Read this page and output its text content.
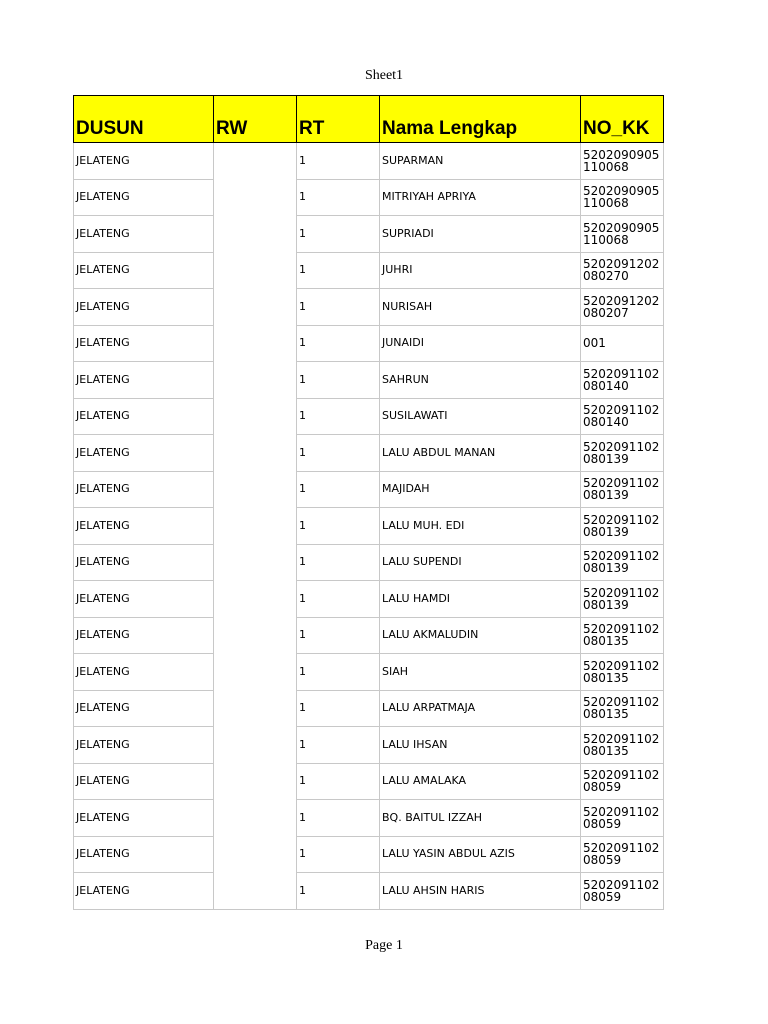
Sheet1
DUSUN	RW	RT	Nama Lengkap	NO_KK
JELATENG		1	SUPARMAN	5202090905110068
JELATENG		1	MITRIYAH APRIYA	5202090905110068
JELATENG		1	SUPRIADI	5202090905110068
JELATENG		1	JUHRI	5202091202080270
JELATENG		1	NURISAH	5202091202080207
JELATENG		1	JUNAIDI	001
JELATENG		1	SAHRUN	5202091102080140
JELATENG		1	SUSILAWATI	5202091102080140
JELATENG		1	LALU ABDUL MANAN	5202091102080139
JELATENG		1	MAJIDAH	5202091102080139
JELATENG		1	LALU MUH. EDI	5202091102080139
JELATENG		1	LALU SUPENDI	5202091102080139
JELATENG		1	LALU HAMDI	5202091102080139
JELATENG		1	LALU AKMALUDIN	5202091102080135
JELATENG		1	SIAH	5202091102080135
JELATENG		1	LALU ARPATMAJA	5202091102080135
JELATENG		1	LALU IHSAN	5202091102080135
JELATENG		1	LALU AMALAKA	520209110208059
JELATENG		1	BQ. BAITUL IZZAH	520209110208059
JELATENG		1	LALU YASIN ABDUL AZIS	520209110208059
JELATENG		1	LALU AHSIN HARIS	520209110208059
Page 1
